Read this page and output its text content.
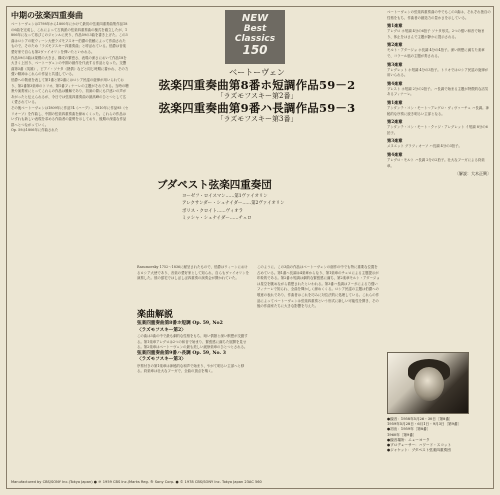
中期の弦楽四重奏曲

ベートーヴェンは1798年から1800年にかけて最初の弦楽四重奏曲集作品18の6曲を完成し、これによって古典派の弦楽四重奏曲の様式を確立したが、1806年になって再びこのジャンルに戻り、作品59の3曲を書き上げた。この3曲はロシアの駐ウィーン大使ラズモフスキー伯爵の依頼によって作曲されたもので、そのため「ラズモフスキー四重奏曲」と呼ばれている。伯爵は音楽愛好家で自らも第2ヴァイオリンを弾いたといわれる。

作品59の3曲は規模の大きさ、構成の緊密さ、表現の深さにおいて作品18を大きく上回り、ベートーヴェンの中期の創作を代表する作品となった。交響曲第3番《英雄》、ピアノ・ソナタ《熱情》などと同じ時期に書かれ、その力強い精神はこれらの作品と共通している。

伯爵への敬意を表して第1番と第2番にはロシア民謡の旋律が用いられており、第2番第3楽章のトリオ、第1番フィナーレの主題がそれである。当時の聴衆や演奏家にとってこれらの作品は難解であり、初演の際にも戸惑いの声があがったと伝えられるが、今日では弦楽四重奏曲の最高峰のひとつとして広く愛されている。

その後ベートーヴェンは1809年に作品74《ハープ》、1810年に作品95《セリオーソ》を作曲し、中期の弦楽四重奏曲を締めくくった。これらの作品はいずれも新しい表現を求める作曲者の姿勢を示しており、後期の深遠な作品群へとつながっていく。

Op. 59は1806年に作曲された

NEW
Best Classics
150
ベートーヴェン
弦楽四重奏曲第8番ホ短調作品59－2
「ラズモフスキー第2番」
弦楽四重奏曲第9番ハ長調作品59－3
「ラズモフスキー第3番」
ブダペスト弦楽四重奏団
ヨーゼフ・ロイスマン……第1ヴァイオリン
アレクサンダー・シュナイダー……第2ヴァイオリン
ボリス・クロイト……ヴィオラ
ミッシャ・シュナイダー……チェロ
Rasumovsky 1752～1836に献呈されたもので、伯爵はウィーンにおけるロシア大使であり、音楽の愛好家として知られ、自らもヴァイオリンを演奏した。彼の邸宅ではしばしば四重奏の演奏会が開かれていた。
楽曲解説
弦楽四重奏曲第8番ホ短調 Op. 59, No2
〈ラズモフスキー第2〉

この曲は3曲の中で最も劇的な性格をもち、暗い情熱と深い瞑想が交錯する。第1楽章アレグロは2つの和音で始まり、緊張感に満ちた展開を見せる。第2楽章はベートーヴェンの最も美しい緩徐楽章のひとつとされる。

弦楽四重奏曲第9番ハ長調 Op. 59, No. 3
〈ラズモフスキー第3〉

序奏付きの第1楽章は神秘的な和声で始まり、やがて明るい主部へと移る。終楽章は壮大なフーガで、全曲の頂点を築く。

このように、この3曲の作品はベートーヴェンの創作の中でも特に重要な位置を占めている。第1番ヘ長調は4楽章からなり、第1楽章のチェロによる主題提示が印象的である。第2番ホ短調は劇的な緊張感に満ち、第2楽章モルト・アダージョは星空を眺めながら着想されたといわれる。第3番ハ長調はフーガによる力強いフィナーレで知られ、全曲を輝かしく締めくくる。ロシア民謡の主題は伯爵への敬意の表れであり、作曲者はこれを巧みに対位法的に処理している。これらの作品によってベートーヴェンは弦楽四重奏という形式に新しい可能性を開き、その後の作曲家たちに大きな影響を与えた。

ベートーヴェンの弦楽四重奏曲の中でもこの3曲は、それぞれ独自の性格をもち、作曲者の創造力の豊かさを示している。

第1楽章

アレグロ ホ短調 4分の6拍子 ソナタ形式。2つの強い和音で始まり、休止をはさんで主題が静かに提示される。

第2楽章

モルト・アダージョ ホ長調 4分の4拍子。深い瞑想に満ちた楽章で、コラール風の主題が奏される。

第3楽章

アレグレット ホ短調 4分の3拍子。トリオではロシア民謡の旋律が用いられる。

第4楽章

プレスト ホ短調 2分の2拍子。ハ長調で始まる主題が特徴的な活気あるフィナーレ。

第1楽章

アンダンテ・コン・モート～アレグロ・ヴィヴァーチェ ハ長調。神秘的な序奏に続き明るい主部となる。

第2楽章

アンダンテ・コン・モート・クァジ・アレグレット イ短調 8分の6拍子。

第3楽章

メヌエット グラツィオーソ ハ長調 4分の3拍子。

第4楽章

アレグロ・モルト ハ長調 2分の2拍子。壮大なフーガによる終楽章。

〔解説：大木正興〕
●録音：1958年5月26・30日〔第8番〕
1959年5月28日・6月1日・9月3日〔第9番〕
●初出：1959年〔第8番〕
1960年〔第9番〕
●録音場所：ニューヨーク
●プロデューサー：ハワード・スコット
●ジャケット：ブダペスト弦楽四重奏団
Manufactured by CBS/SONY Inc.(Tokyo Japan) ● ℗ 1959 CBS Inc./Marks Reg. ® Sony Corp. ● © 1978 CBS/SONY Inc. Tokyo Japan 23AC 560
